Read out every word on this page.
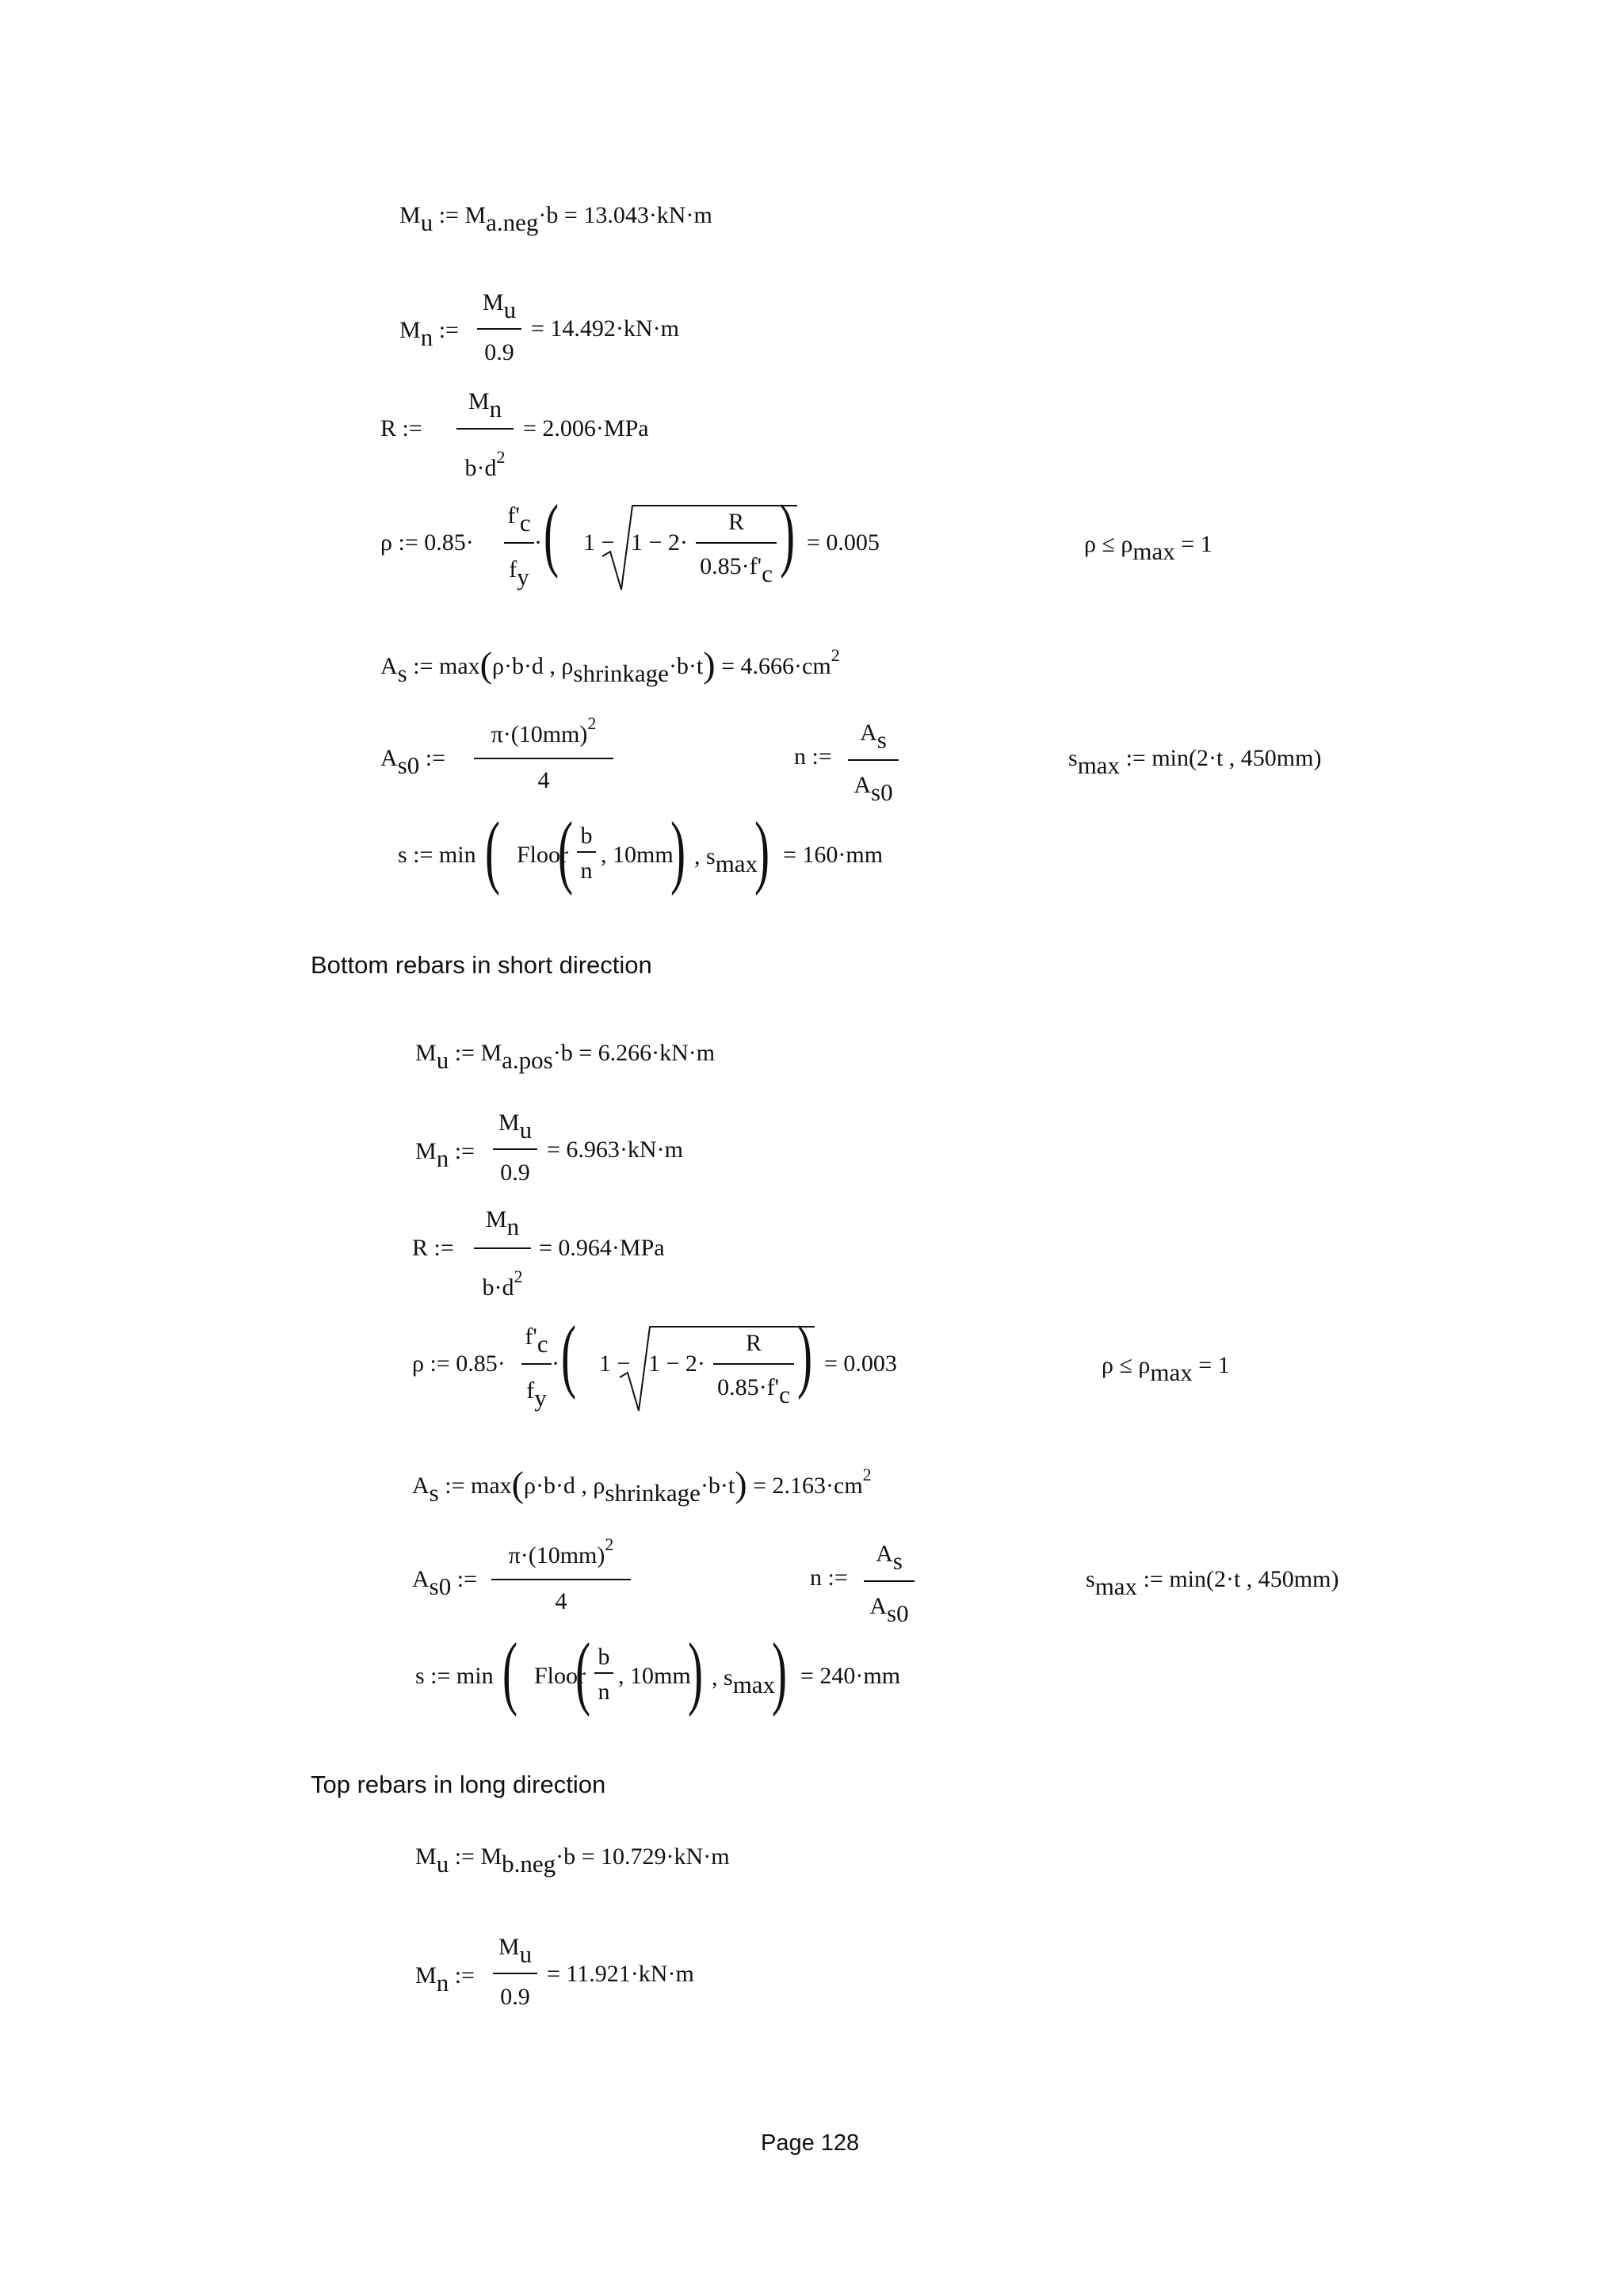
Mu := Ma.neg·b = 13.043·kN·m
Mn :=
Mu
0.9
= 14.492·kN·m
R :=
Mn
$b\cdot d^2$
= 2.006·MPa
ρ := 0.85·
f'c
fy
· ( 1 − 1 − 2·
R
0.85·f'c ) = 0.005	ρ ≤ ρmax = 1
As := max(ρ·b·d , ρshrinkage·b·t) = $4.666\cdot cm^2$
As0 :=
$\pi\cdot(10mm)^2$
4
n :=
As
As0
smax := min(2·t , 450mm)
s := min ( Floor
( b
n
, 10mm
) , smax
) = 160·mm
Bottom rebars in short direction
Mu := Ma.pos·b = 6.266·kN·m
Mn :=
Mu
0.9
= 6.963·kN·m
R :=
Mn
$b\cdot d^2$
= 0.964·MPa
ρ := 0.85·
f'c
fy
· ( 1 − 1 − 2·
R
0.85·f'c ) = 0.003	ρ ≤ ρmax = 1
As := max(ρ·b·d , ρshrinkage·b·t) = $2.163\cdot cm^2$
As0 :=
$\pi\cdot(10mm)^2$
4
n :=
As
As0
smax := min(2·t , 450mm)
s := min ( Floor
( b
n
, 10mm
) , smax
) = 240·mm
Top rebars in long direction
Mu := Mb.neg·b = 10.729·kN·m
Mn :=
Mu
0.9
= 11.921·kN·m
Page 128
